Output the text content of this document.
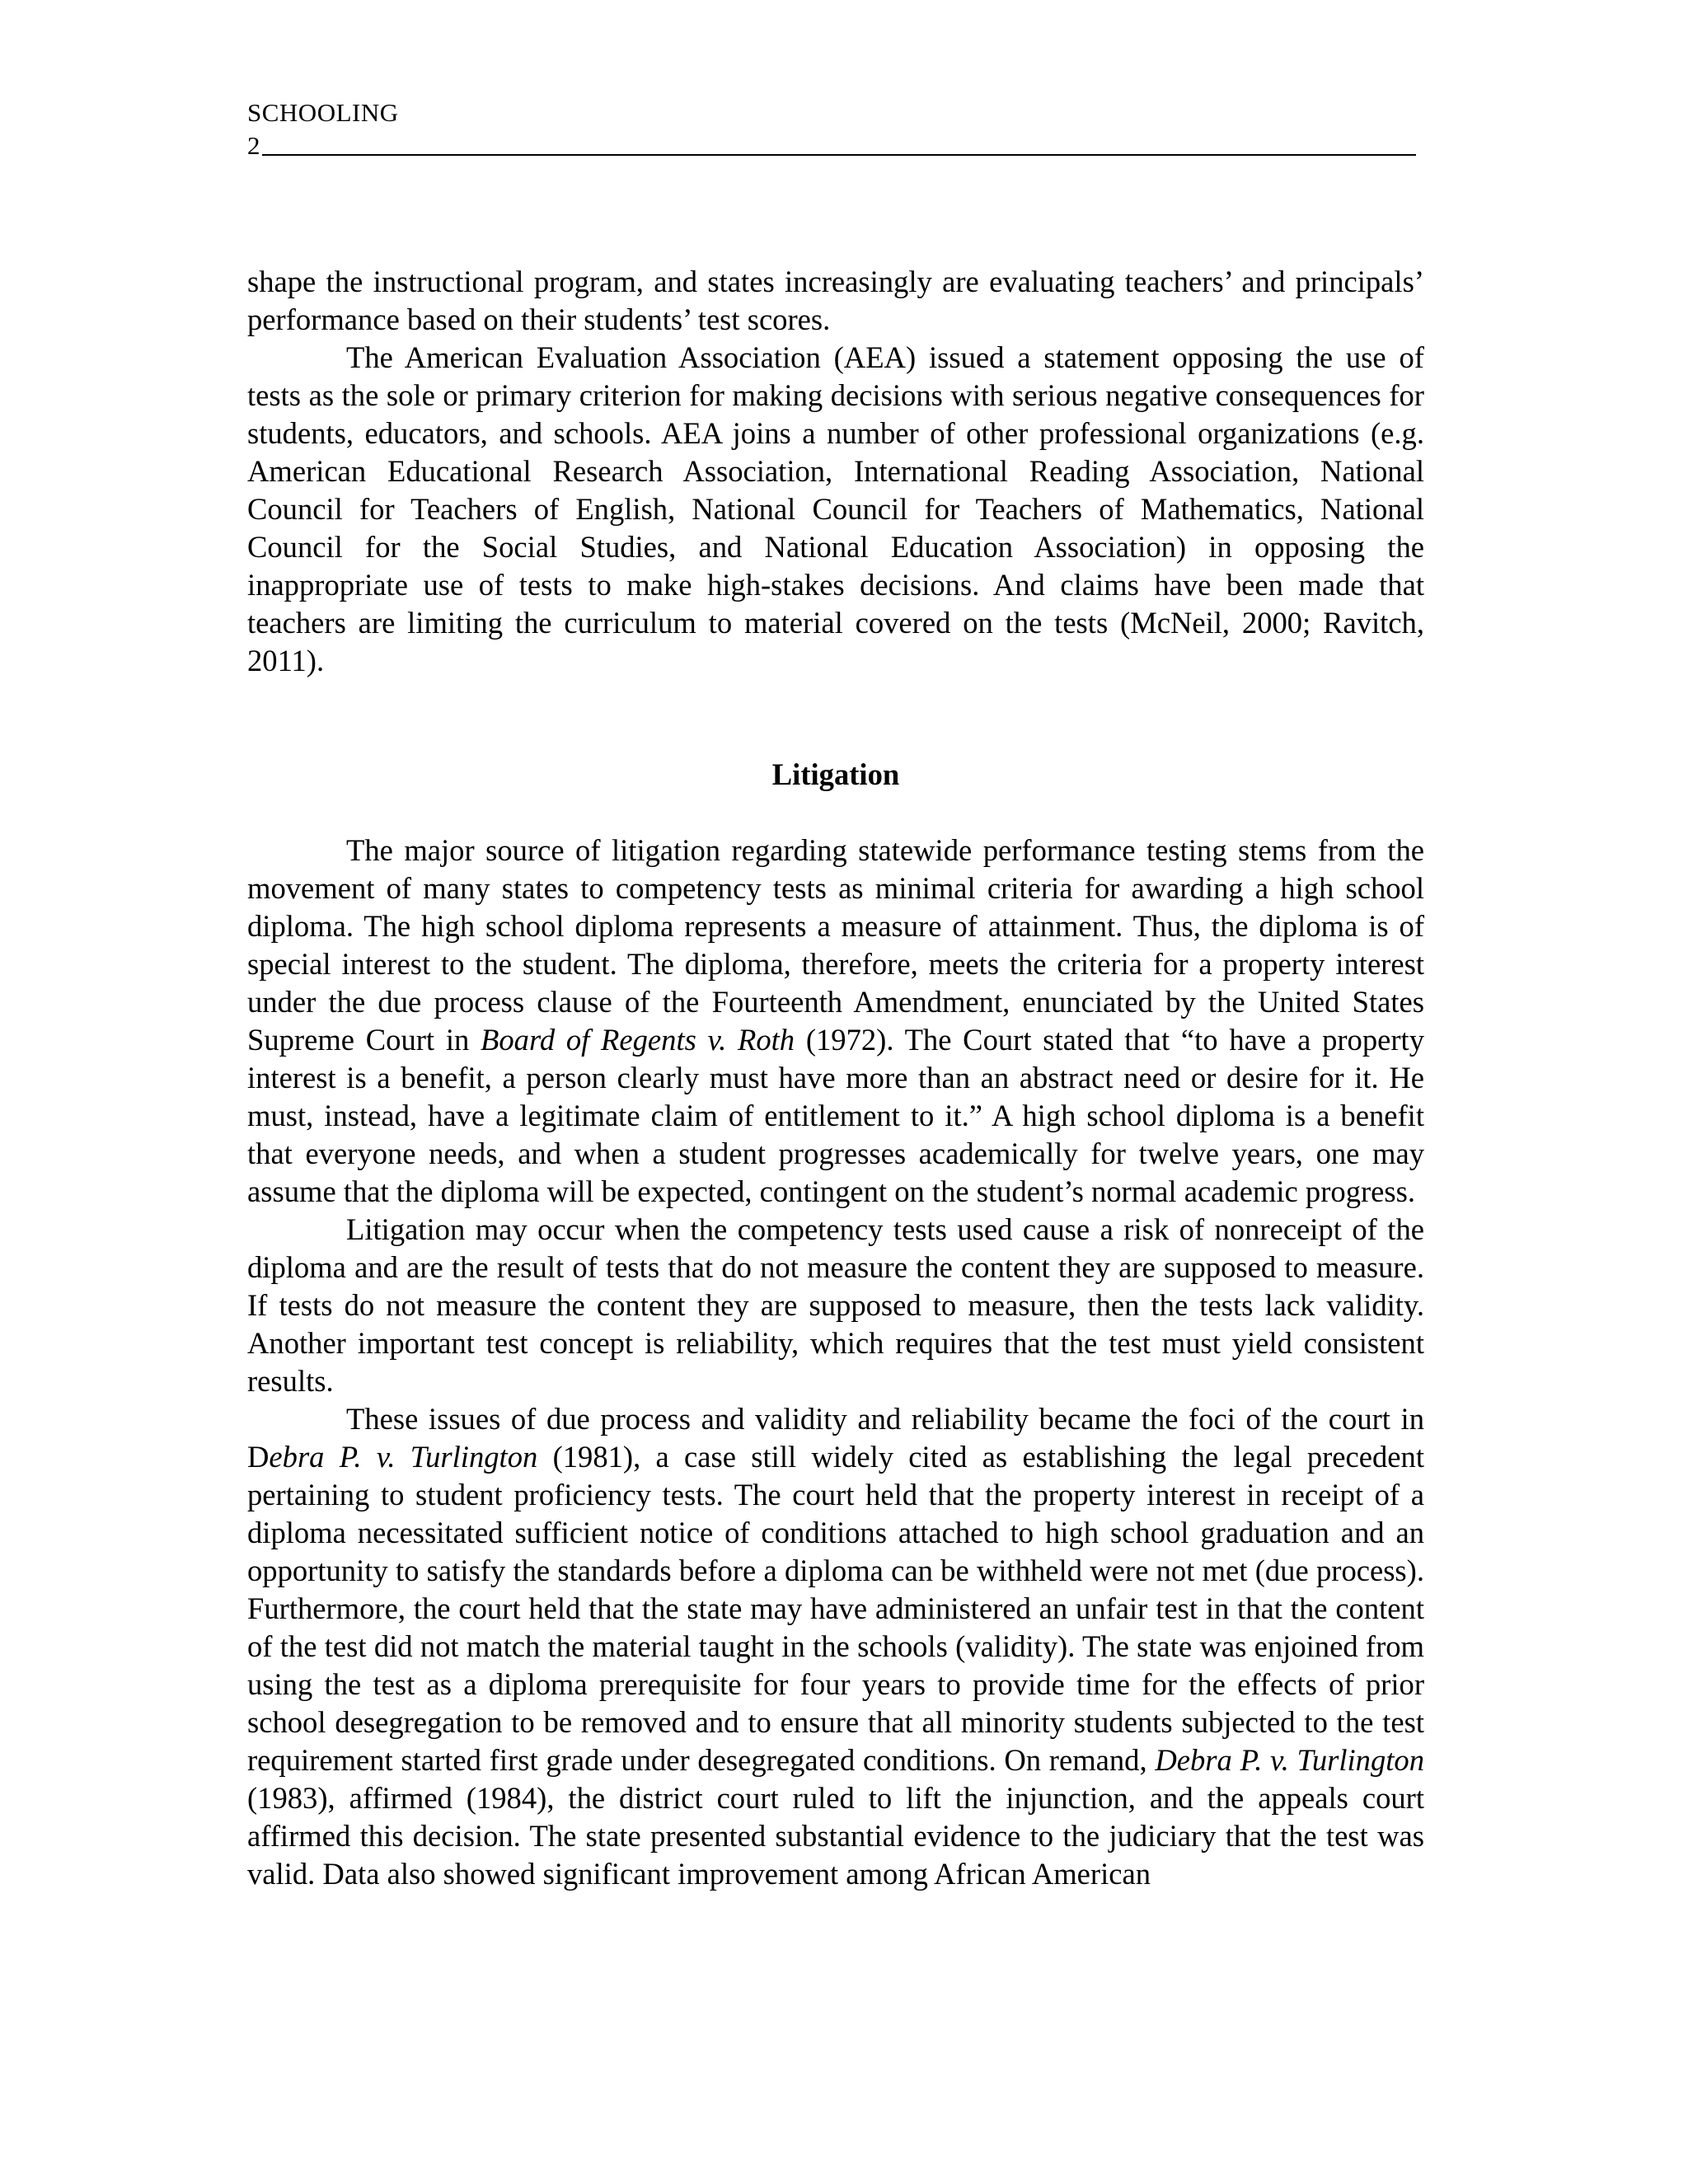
SCHOOLING
2

shape the instructional program, and states increasingly are evaluating teachers’ and principals’ performance based on their students’ test scores.

The American Evaluation Association (AEA) issued a statement opposing the use of tests as the sole or primary criterion for making decisions with serious negative consequences for students, educators, and schools. AEA joins a number of other professional organizations (e.g. American Educational Research Association, International Reading Association, National Council for Teachers of English, National Council for Teachers of Mathematics, National Council for the Social Studies, and National Education Association) in opposing the inappropriate use of tests to make high-stakes decisions. And claims have been made that teachers are limiting the curriculum to material covered on the tests (McNeil, 2000; Ravitch, 2011).

Litigation

The major source of litigation regarding statewide performance testing stems from the movement of many states to competency tests as minimal criteria for awarding a high school diploma. The high school diploma represents a measure of attainment. Thus, the diploma is of special interest to the student. The diploma, therefore, meets the criteria for a property interest under the due process clause of the Fourteenth Amendment, enunciated by the United States Supreme Court in Board of Regents v. Roth (1972). The Court stated that “to have a property interest is a benefit, a person clearly must have more than an abstract need or desire for it. He must, instead, have a legitimate claim of entitlement to it.” A high school diploma is a benefit that everyone needs, and when a student progresses academically for twelve years, one may assume that the diploma will be expected, contingent on the student’s normal academic progress.

Litigation may occur when the competency tests used cause a risk of nonreceipt of the diploma and are the result of tests that do not measure the content they are supposed to measure. If tests do not measure the content they are supposed to measure, then the tests lack validity. Another important test concept is reliability, which requires that the test must yield consistent results.

These issues of due process and validity and reliability became the foci of the court in Debra P. v. Turlington (1981), a case still widely cited as establishing the legal precedent pertaining to student proficiency tests. The court held that the property interest in receipt of a diploma necessitated sufficient notice of conditions attached to high school graduation and an opportunity to satisfy the standards before a diploma can be withheld were not met (due process). Furthermore, the court held that the state may have administered an unfair test in that the content of the test did not match the material taught in the schools (validity). The state was enjoined from using the test as a diploma prerequisite for four years to provide time for the effects of prior school desegregation to be removed and to ensure that all minority students subjected to the test requirement started first grade under desegregated conditions. On remand, Debra P. v. Turlington (1983), affirmed (1984), the district court ruled to lift the injunction, and the appeals court affirmed this decision. The state presented substantial evidence to the judiciary that the test was valid. Data also showed significant improvement among African American
